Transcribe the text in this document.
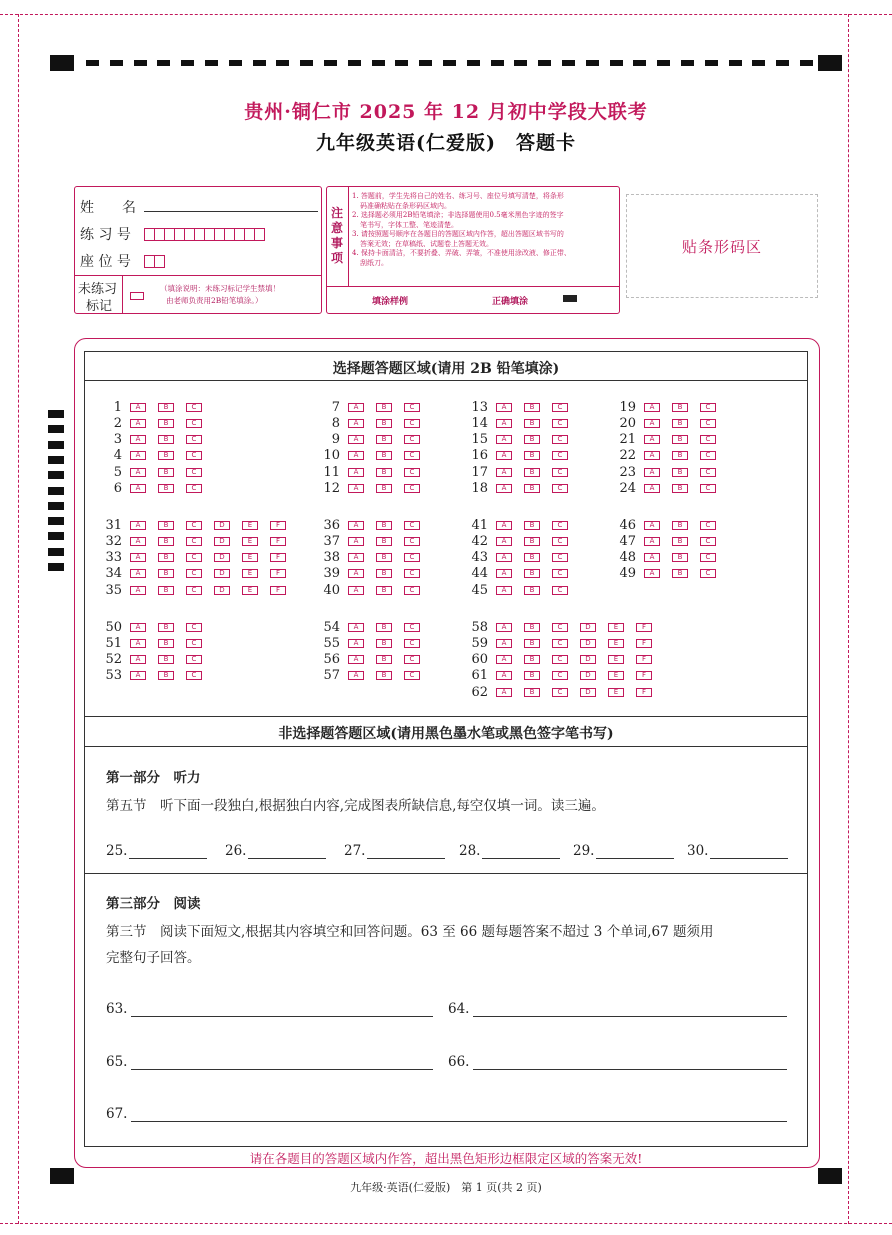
贵州·铜仁市 2025 年 12 月初中学段大联考
九年级英语(仁爱版)　答题卡
姓　　名
练 习 号
座 位 号
未练习
标记
（填涂说明：未练习标记学生禁填！
由老师负责用2B铅笔填涂。）
注意事项
1. 答题前，学生先将自己的姓名、练习号、座位号填写清楚，将条形
码准确粘贴在条形码区域内。
2. 选择题必须用2B铅笔填涂；非选择题使用0.5毫米黑色字迹的签字
笔书写，字体工整、笔迹清楚。
3. 请按照题号顺序在各题目的答题区域内作答，超出答题区域书写的
答案无效；在草稿纸、试题卷上答题无效。
4. 保持卡面清洁，不要折叠、弄破、弄皱，不准使用涂改液、修正带、
刮纸刀。
填涂样例	正确填涂
贴条形码区
选择题答题区域(请用 2B 铅笔填涂)
1	A	B	C
2	A	B	C
3	A	B	C
4	A	B	C
5	A	B	C
6	A	B	C
7	A	B	C
8	A	B	C
9	A	B	C
10	A	B	C
11	A	B	C
12	A	B	C
13	A	B	C
14	A	B	C
15	A	B	C
16	A	B	C
17	A	B	C
18	A	B	C
19	A	B	C
20	A	B	C
21	A	B	C
22	A	B	C
23	A	B	C
24	A	B	C
31	A	B	C	D	E	F
32	A	B	C	D	E	F
33	A	B	C	D	E	F
34	A	B	C	D	E	F
35	A	B	C	D	E	F
36	A	B	C
37	A	B	C
38	A	B	C
39	A	B	C
40	A	B	C
41	A	B	C
42	A	B	C
43	A	B	C
44	A	B	C
45	A	B	C
46	A	B	C
47	A	B	C
48	A	B	C
49	A	B	C
50	A	B	C
51	A	B	C
52	A	B	C
53	A	B	C
54	A	B	C
55	A	B	C
56	A	B	C
57	A	B	C
58	A	B	C	D	E	F
59	A	B	C	D	E	F
60	A	B	C	D	E	F
61	A	B	C	D	E	F
62	A	B	C	D	E	F
非选择题答题区域(请用黑色墨水笔或黑色签字笔书写)
第一部分　听力
第五节　听下面一段独白,根据独白内容,完成图表所缺信息,每空仅填一词。读三遍。
25.	26.	27.	28.	29.	30.
第三部分　阅读
第三节　阅读下面短文,根据其内容填空和回答问题。63 至 66 题每题答案不超过 3 个单词,67 题须用
完整句子回答。
63.	64.
65.	66.
67.
请在各题目的答题区域内作答，超出黑色矩形边框限定区域的答案无效!
九年级·英语(仁爱版)　第 1 页(共 2 页)
